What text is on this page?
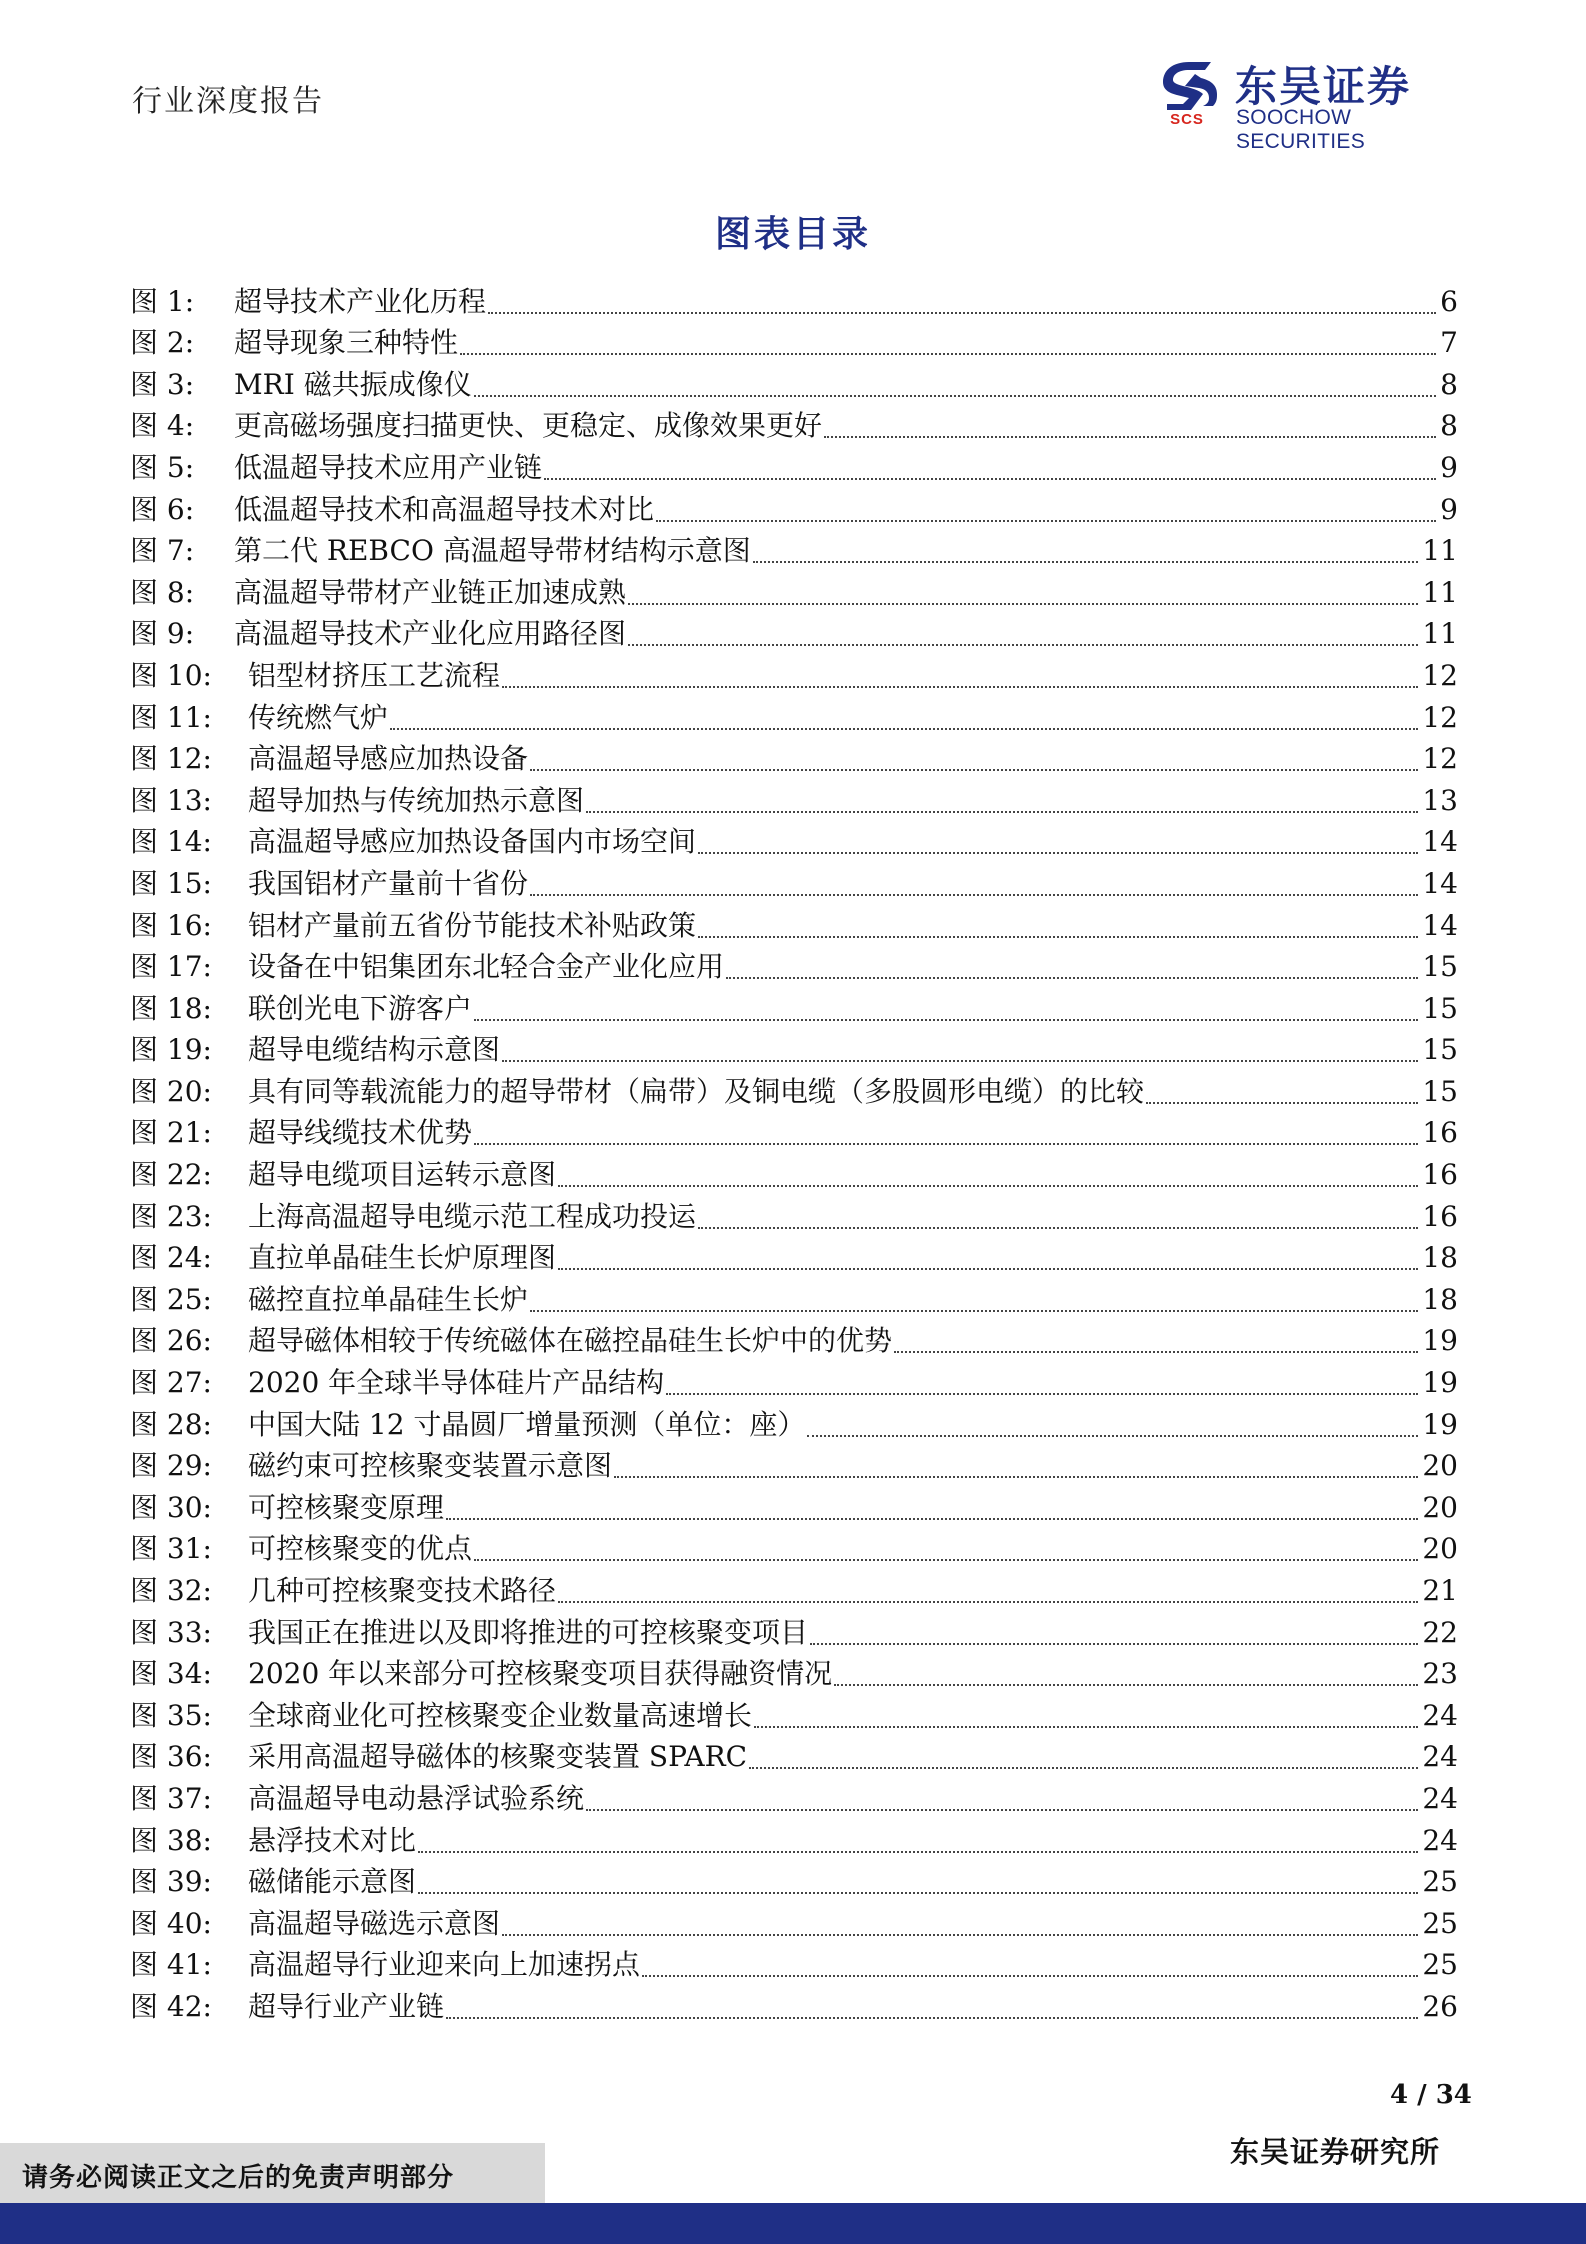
行业深度报告
SCS
东吴证券
SOOCHOW SECURITIES
图表目录
图 1:	超导技术产业化历程	6
图 2:	超导现象三种特性	7
图 3:	MRI 磁共振成像仪	8
图 4:	更高磁场强度扫描更快、更稳定、成像效果更好	8
图 5:	低温超导技术应用产业链	9
图 6:	低温超导技术和高温超导技术对比	9
图 7:	第二代 REBCO 高温超导带材结构示意图	11
图 8:	高温超导带材产业链正加速成熟	11
图 9:	高温超导技术产业化应用路径图	11
图 10:	铝型材挤压工艺流程	12
图 11:	传统燃气炉	12
图 12:	高温超导感应加热设备	12
图 13:	超导加热与传统加热示意图	13
图 14:	高温超导感应加热设备国内市场空间	14
图 15:	我国铝材产量前十省份	14
图 16:	铝材产量前五省份节能技术补贴政策	14
图 17:	设备在中铝集团东北轻合金产业化应用	15
图 18:	联创光电下游客户	15
图 19:	超导电缆结构示意图	15
图 20:	具有同等载流能力的超导带材（扁带）及铜电缆（多股圆形电缆）的比较	15
图 21:	超导线缆技术优势	16
图 22:	超导电缆项目运转示意图	16
图 23:	上海高温超导电缆示范工程成功投运	16
图 24:	直拉单晶硅生长炉原理图	18
图 25:	磁控直拉单晶硅生长炉	18
图 26:	超导磁体相较于传统磁体在磁控晶硅生长炉中的优势	19
图 27:	2020 年全球半导体硅片产品结构	19
图 28:	中国大陆 12 寸晶圆厂增量预测（单位：座）	19
图 29:	磁约束可控核聚变装置示意图	20
图 30:	可控核聚变原理	20
图 31:	可控核聚变的优点	20
图 32:	几种可控核聚变技术路径	21
图 33:	我国正在推进以及即将推进的可控核聚变项目	22
图 34:	2020 年以来部分可控核聚变项目获得融资情况	23
图 35:	全球商业化可控核聚变企业数量高速增长	24
图 36:	采用高温超导磁体的核聚变装置 SPARC	24
图 37:	高温超导电动悬浮试验系统	24
图 38:	悬浮技术对比	24
图 39:	磁储能示意图	25
图 40:	高温超导磁选示意图	25
图 41:	高温超导行业迎来向上加速拐点	25
图 42:	超导行业产业链	26
4 / 34
东吴证券研究所
请务必阅读正文之后的免责声明部分
